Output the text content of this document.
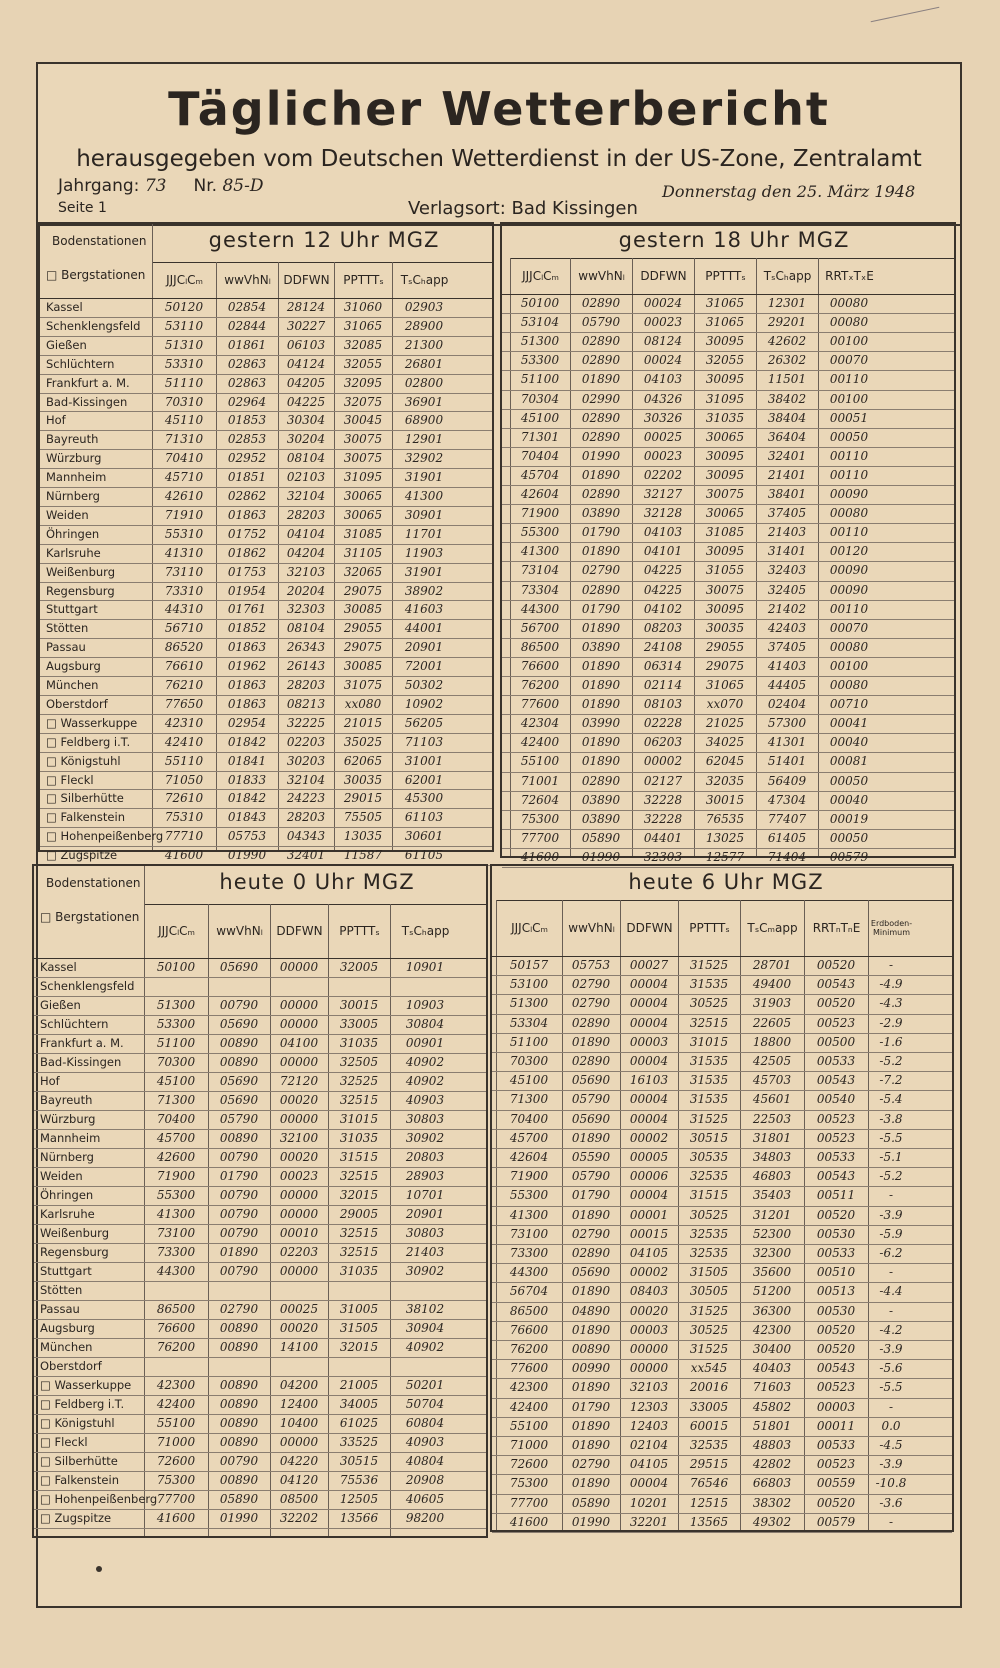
Täglicher Wetterbericht
herausgegeben vom Deutschen Wetterdienst in der US-Zone, Zentralamt
Jahrgang: 73 Nr. 85-D
Seite 1	Verlagsort: Bad Kissingen
Donnerstag den 25. März 1948
gestern 12 Uhr MGZ
Bodenstationen
□ Bergstationen	JJJCₗCₘ	wwVhNₗ	DDFWN	PPTTTₛ	TₛCₕapp
Kassel	50120	02854	28124	31060	02903
Schenklengsfeld	53110	02844	30227	31065	28900
Gießen	51310	01861	06103	32085	21300
Schlüchtern	53310	02863	04124	32055	26801
Frankfurt a. M.	51110	02863	04205	32095	02800
Bad-Kissingen	70310	02964	04225	32075	36901
Hof	45110	01853	30304	30045	68900
Bayreuth	71310	02853	30204	30075	12901
Würzburg	70410	02952	08104	30075	32902
Mannheim	45710	01851	02103	31095	31901
Nürnberg	42610	02862	32104	30065	41300
Weiden	71910	01863	28203	30065	30901
Öhringen	55310	01752	04104	31085	11701
Karlsruhe	41310	01862	04204	31105	11903
Weißenburg	73110	01753	32103	32065	31901
Regensburg	73310	01954	20204	29075	38902
Stuttgart	44310	01761	32303	30085	41603
Stötten	56710	01852	08104	29055	44001
Passau	86520	01863	26343	29075	20901
Augsburg	76610	01962	26143	30085	72001
München	76210	01863	28203	31075	50302
Oberstdorf	77650	01863	08213	xx080	10902
□ Wasserkuppe	42310	02954	32225	21015	56205
□ Feldberg i.T.	42410	01842	02203	35025	71103
□ Königstuhl	55110	01841	30203	62065	31001
□ Fleckl	71050	01833	32104	30035	62001
□ Silberhütte	72610	01842	24223	29015	45300
□ Falkenstein	75310	01843	28203	75505	61103
□ Hohenpeißenberg 77710	05753	04343	13035	30601
□ Zugspitze	41600	01990	32401	11587	61105
gestern 18 Uhr MGZ
JJJCₗCₘ	wwVhNₗ	DDFWN	PPTTTₛ	TₛCₕapp	RRTₓTₓE
50100	02890	00024	31065	12301	00080
53104	05790	00023	31065	29201	00080
51300	02890	08124	30095	42602	00100
53300	02890	00024	32055	26302	00070
51100	01890	04103	30095	11501	00110
70304	02990	04326	31095	38402	00100
45100	02890	30326	31035	38404	00051
71301	02890	00025	30065	36404	00050
70404	01990	00023	30095	32401	00110
45704	01890	02202	30095	21401	00110
42604	02890	32127	30075	38401	00090
71900	03890	32128	30065	37405	00080
55300	01790	04103	31085	21403	00110
41300	01890	04101	30095	31401	00120
73104	02790	04225	31055	32403	00090
73304	02890	04225	30075	32405	00090
44300	01790	04102	30095	21402	00110
56700	01890	08203	30035	42403	00070
86500	03890	24108	29055	37405	00080
76600	01890	06314	29075	41403	00100
76200	01890	02114	31065	44405	00080
77600	01890	08103	xx070	02404	00710
42304	03990	02228	21025	57300	00041
42400	01890	06203	34025	41301	00040
55100	01890	00002	62045	51401	00081
71001	02890	02127	32035	56409	00050
72604	03890	32228	30015	47304	00040
75300	03890	32228	76535	77407	00019
77700	05890	04401	13025	61405	00050
41600	01990	32303	12577	71404	00579
heute 0 Uhr MGZ
Bodenstationen
□ Bergstationen
JJJCₗCₘ	wwVhNₗ	DDFWN	PPTTTₛ	TₛCₕapp
Kassel	50100	05690	00000	32005	10901
Schenklengsfeld
Gießen	51300	00790	00000	30015	10903
Schlüchtern	53300	05690	00000	33005	30804
Frankfurt a. M.	51100	00890	04100	31035	00901
Bad-Kissingen	70300	00890	00000	32505	40902
Hof	45100	05690	72120	32525	40902
Bayreuth	71300	05690	00020	32515	40903
Würzburg	70400	05790	00000	31015	30803
Mannheim	45700	00890	32100	31035	30902
Nürnberg	42600	00790	00020	31515	20803
Weiden	71900	01790	00023	32515	28903
Öhringen	55300	00790	00000	32015	10701
Karlsruhe	41300	00790	00000	29005	20901
Weißenburg	73100	00790	00010	32515	30803
Regensburg	73300	01890	02203	32515	21403
Stuttgart	44300	00790	00000	31035	30902
Stötten
Passau	86500	02790	00025	31005	38102
Augsburg	76600	00890	00020	31505	30904
München	76200	00890	14100	32015	40902
Oberstdorf
□ Wasserkuppe	42300	00890	04200	21005	50201
□ Feldberg i.T.	42400	00890	12400	34005	50704
□ Königstuhl	55100	00890	10400	61025	60804
□ Fleckl	71000	00890	00000	33525	40903
□ Silberhütte	72600	00790	04220	30515	40804
□ Falkenstein	75300	00890	04120	75536	20908
□ Hohenpeißenberg 77700	05890	08500	12505	40605
□ Zugspitze	41600	01990	32202	13566	98200
heute 6 Uhr MGZ
JJJCₗCₘ	wwVhNₗ DDFWN	PPTTTₛ	TₛCₘapp	RRTₙTₙE	Erdboden-Minimum
50157	05753	00027	31525	28701	00520	-
53100	02790	00004	31535	49400	00543	-4.9
51300	02790	00004	30525	31903	00520	-4.3
53304	02890	00004	32515	22605	00523	-2.9
51100	01890	00003	31015	18800	00500	-1.6
70300	02890	00004	31535	42505	00533	-5.2
45100	05690	16103	31535	45703	00543	-7.2
71300	05790	00004	31535	45601	00540	-5.4
70400	05690	00004	31525	22503	00523	-3.8
45700	01890	00002	30515	31801	00523	-5.5
42604	05590	00005	30535	34803	00533	-5.1
71900	05790	00006	32535	46803	00543	-5.2
55300	01790	00004	31515	35403	00511	-
41300	01890	00001	30525	31201	00520	-3.9
73100	02790	00015	32535	52300	00530	-5.9
73300	02890	04105	32535	32300	00533	-6.2
44300	05690	00002	31505	35600	00510	-
56704	01890	08403	30505	51200	00513	-4.4
86500	04890	00020	31525	36300	00530	-
76600	01890	00003	30525	42300	00520	-4.2
76200	00890	00000	31525	30400	00520	-3.9
77600	00990	00000	xx545	40403	00543	-5.6
42300	01890	32103	20016	71603	00523	-5.5
42400	01790	12303	33005	45802	00003	-
55100	01890	12403	60015	51801	00011	0.0
71000	01890	02104	32535	48803	00533	-4.5
72600	02790	04105	29515	42802	00523	-3.9
75300	01890	00004	76546	66803	00559	-10.8
77700	05890	10201	12515	38302	00520	-3.6
41600	01990	32201	13565	49302	00579	-
